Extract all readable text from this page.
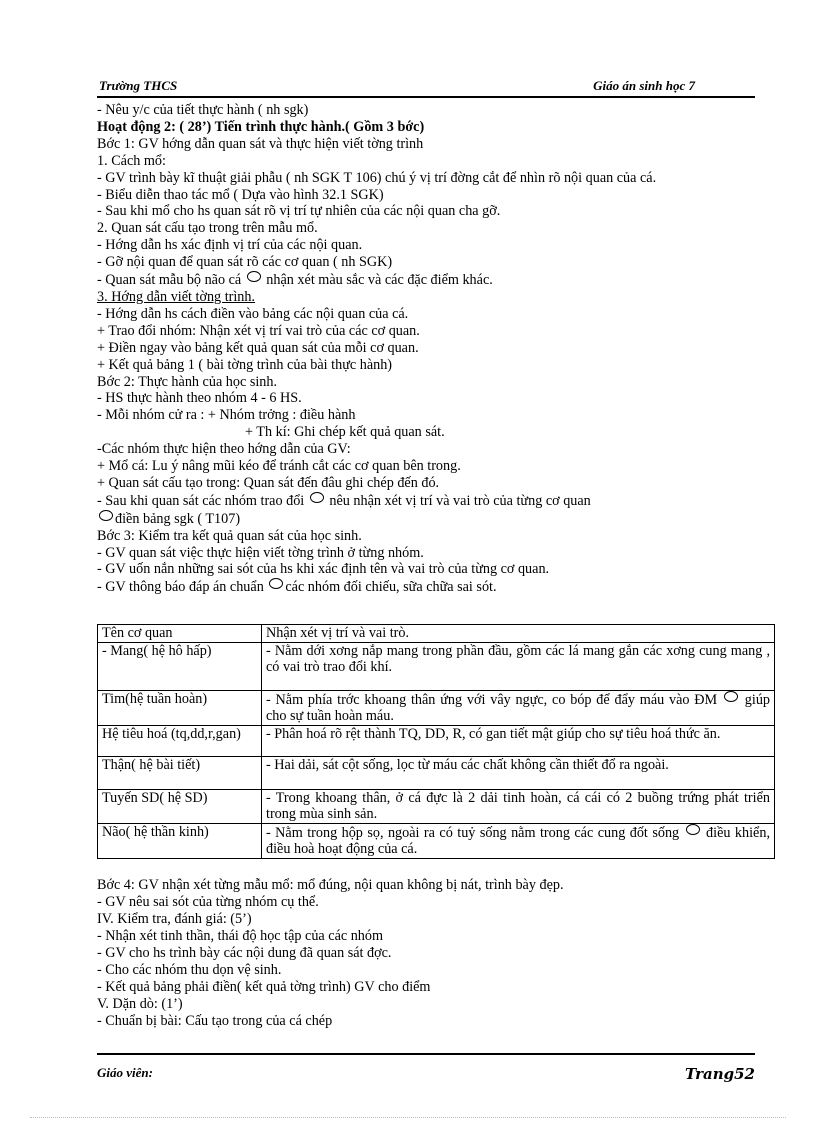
Trường THCS	Giáo án sinh học 7

- Nêu y/c của tiết thực hành ( nh sgk)

Hoạt động 2: ( 28’) Tiến trình thực hành.( Gồm 3 bớc)

Bớc 1: GV hớng dẫn quan sát và thực hiện viết tờng trình

1. Cách mổ:

- GV trình bày kĩ thuật giải phẫu ( nh SGK T 106) chú ý vị trí đờng cắt để nhìn rõ nội quan của cá.

- Biểu diễn thao tác mổ ( Dựa vào hình 32.1 SGK)

- Sau khi mổ cho hs quan sát rõ vị trí tự nhiên của các nội quan cha gỡ.

2. Quan sát cấu tạo trong trên mẫu mổ.

- Hớng dẫn hs xác định vị trí của các nội quan.

- Gỡ nội quan để quan sát rõ các cơ quan ( nh SGK)

- Quan sát mẫu bộ não cá nhận xét màu sắc và các đặc điểm khác.

3. Hớng dẫn viết tờng trình.

- Hớng dẫn hs cách điền vào bảng các nội quan của cá.

+ Trao đổi nhóm: Nhận xét vị trí vai trò của các cơ quan.

+ Điền ngay vào bảng kết quả quan sát của mỗi cơ quan.

+ Kết quả bảng 1 ( bài tờng trình của bài thực hành)

Bớc 2: Thực hành của học sinh.

- HS thực hành theo nhóm 4 - 6 HS.

- Mỗi nhóm cử ra : + Nhóm trởng : điều hành

+ Th kí: Ghi chép kết quả quan sát.

-Các nhóm thực hiện theo hớng dẫn của GV:

+ Mổ cá: Lu ý nâng mũi kéo để tránh cắt các cơ quan bên trong.

+ Quan sát cấu tạo trong: Quan sát đến đâu ghi chép đến đó.

- Sau khi quan sát các nhóm trao đổi nêu nhận xét vị trí và vai trò của từng cơ quan

điền bảng sgk ( T107)

Bớc 3: Kiểm tra kết quả quan sát của học sinh.

- GV quan sát việc thực hiện viết tờng trình ở từng nhóm.

- GV uốn nắn những sai sót của hs khi xác định tên và vai trò của từng cơ quan.

- GV thông báo đáp án chuẩn các nhóm đối chiếu, sữa chữa sai sót.

Tên cơ quan	Nhận xét vị trí và vai trò.
- Mang( hệ hô hấp)	- Nằm dới xơng nắp mang trong phần đầu, gồm các lá mang gắn các xơng cung mang , có vai trò trao đổi khí.
Tim(hệ tuần hoàn)	- Nằm phía trớc khoang thân ứng với vây ngực, co bóp để đẩy máu vào ĐM giúp cho sự tuần hoàn máu.
Hệ tiêu hoá (tq,dd,r,gan)	- Phân hoá rõ rệt thành TQ, DD, R, có gan tiết mật giúp cho sự tiêu hoá thức ăn.
Thận( hệ bài tiết)	- Hai dải, sát cột sống, lọc từ máu các chất không cần thiết đổ ra ngoài.
Tuyến SD( hệ SD)	- Trong khoang thân, ở cá đực là 2 dải tinh hoàn, cá cái có 2 buồng trứng phát triển trong mùa sinh sản.
Não( hệ thần kinh)	- Nằm trong hộp sọ, ngoài ra có tuỷ sống nằm trong các cung đốt sống điều khiển, điều hoà hoạt động của cá.

Bớc 4: GV nhận xét từng mẫu mổ: mổ đúng, nội quan không bị nát, trình bày đẹp.

- GV nêu sai sót của từng nhóm cụ thể.

IV. Kiểm tra, đánh giá: (5’)

- Nhận xét tinh thần, thái độ học tập của các nhóm

- GV cho hs trình bày các nội dung đã quan sát đợc.

- Cho các nhóm thu dọn vệ sinh.

- Kết quả bảng phải điền( kết quả tờng trình) GV cho điểm

V. Dặn dò: (1’)

- Chuẩn bị bài: Cấu tạo trong của cá chép

Giáo viên:	Trang52
